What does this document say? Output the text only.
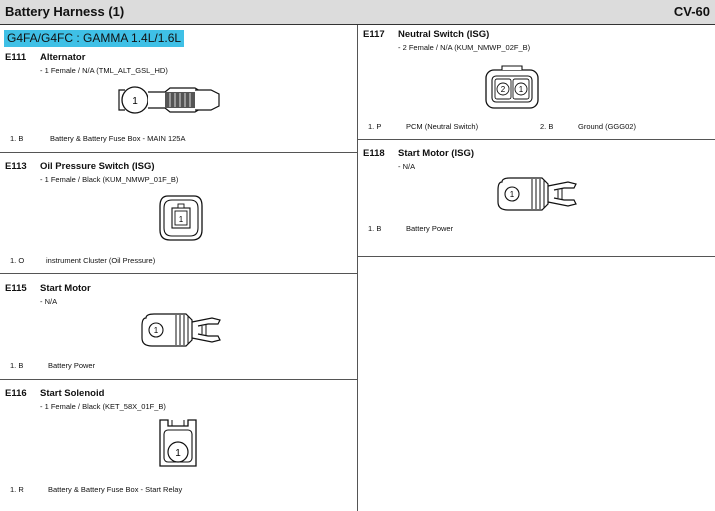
Battery Harness (1)	CV-60
G4FA/G4FC : GAMMA 1.4L/1.6L
E111 Alternator
- 1 Female / N/A (TML_ALT_GSL_HD)
1
1. B	Battery & Battery Fuse Box - MAIN 125A
E113 Oil Pressure Switch (ISG)
- 1 Female / Black (KUM_NMWP_01F_B)
1
1. O	instrument Cluster (Oil Pressure)
E115 Start Motor
- N/A
1
1. B	Battery Power
E116 Start Solenoid
- 1 Female / Black (KET_58X_01F_B)
1
1. R	Battery & Battery Fuse Box - Start Relay
E117 Neutral Switch (ISG)
- 2 Female / N/A (KUM_NMWP_02F_B)
2 1
1. P	PCM (Neutral Switch)	2. B	Ground (GGG02)
E118 Start Motor (ISG)
- N/A
1
1. B	Battery Power
